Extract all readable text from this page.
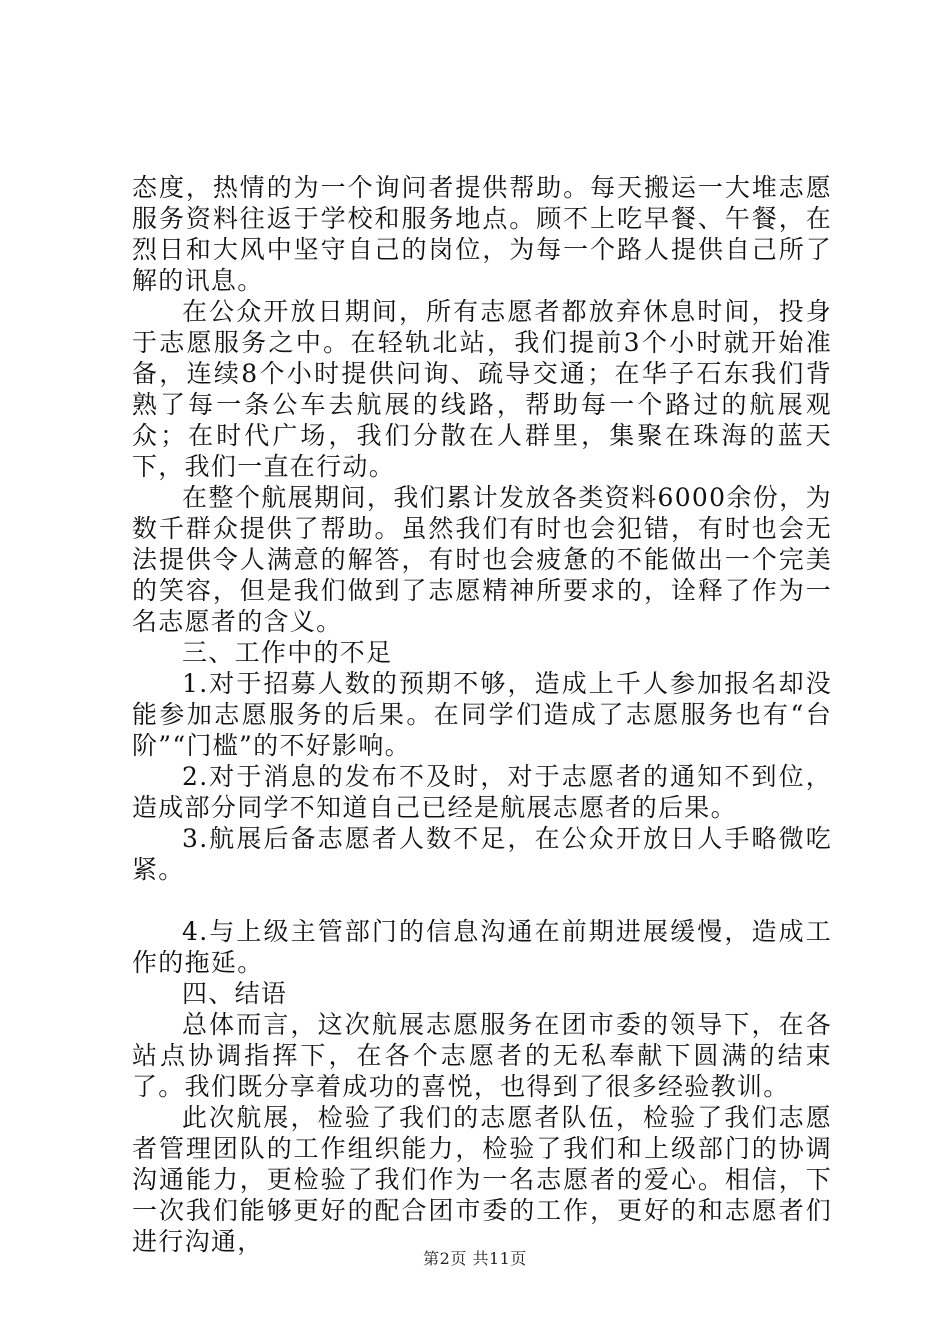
态度，热情的为一个询问者提供帮助。每天搬运一大堆志愿服务资料往返于学校和服务地点。顾不上吃早餐、午餐，在烈日和大风中坚守自己的岗位，为每一个路人提供自己所了解的讯息。

在公众开放日期间，所有志愿者都放弃休息时间，投身于志愿服务之中。在轻轨北站，我们提前3个小时就开始准备，连续8个小时提供问询、疏导交通；在华子石东我们背熟了每一条公车去航展的线路，帮助每一个路过的航展观众；在时代广场，我们分散在人群里，集聚在珠海的蓝天下，我们一直在行动。

在整个航展期间，我们累计发放各类资料6000余份，为数千群众提供了帮助。虽然我们有时也会犯错，有时也会无法提供令人满意的解答，有时也会疲惫的不能做出一个完美的笑容，但是我们做到了志愿精神所要求的，诠释了作为一名志愿者的含义。

三、工作中的不足

1.对于招募人数的预期不够，造成上千人参加报名却没能参加志愿服务的后果。在同学们造成了志愿服务也有“台阶”“门槛”的不好影响。

2.对于消息的发布不及时，对于志愿者的通知不到位，造成部分同学不知道自己已经是航展志愿者的后果。

3.航展后备志愿者人数不足，在公众开放日人手略微吃紧。

4.与上级主管部门的信息沟通在前期进展缓慢，造成工作的拖延。

四、结语

总体而言，这次航展志愿服务在团市委的领导下，在各站点协调指挥下，在各个志愿者的无私奉献下圆满的结束了。我们既分享着成功的喜悦，也得到了很多经验教训。

此次航展，检验了我们的志愿者队伍，检验了我们志愿者管理团队的工作组织能力，检验了我们和上级部门的协调沟通能力，更检验了我们作为一名志愿者的爱心。相信，下一次我们能够更好的配合团市委的工作，更好的和志愿者们进行沟通，

第2页 共11页
